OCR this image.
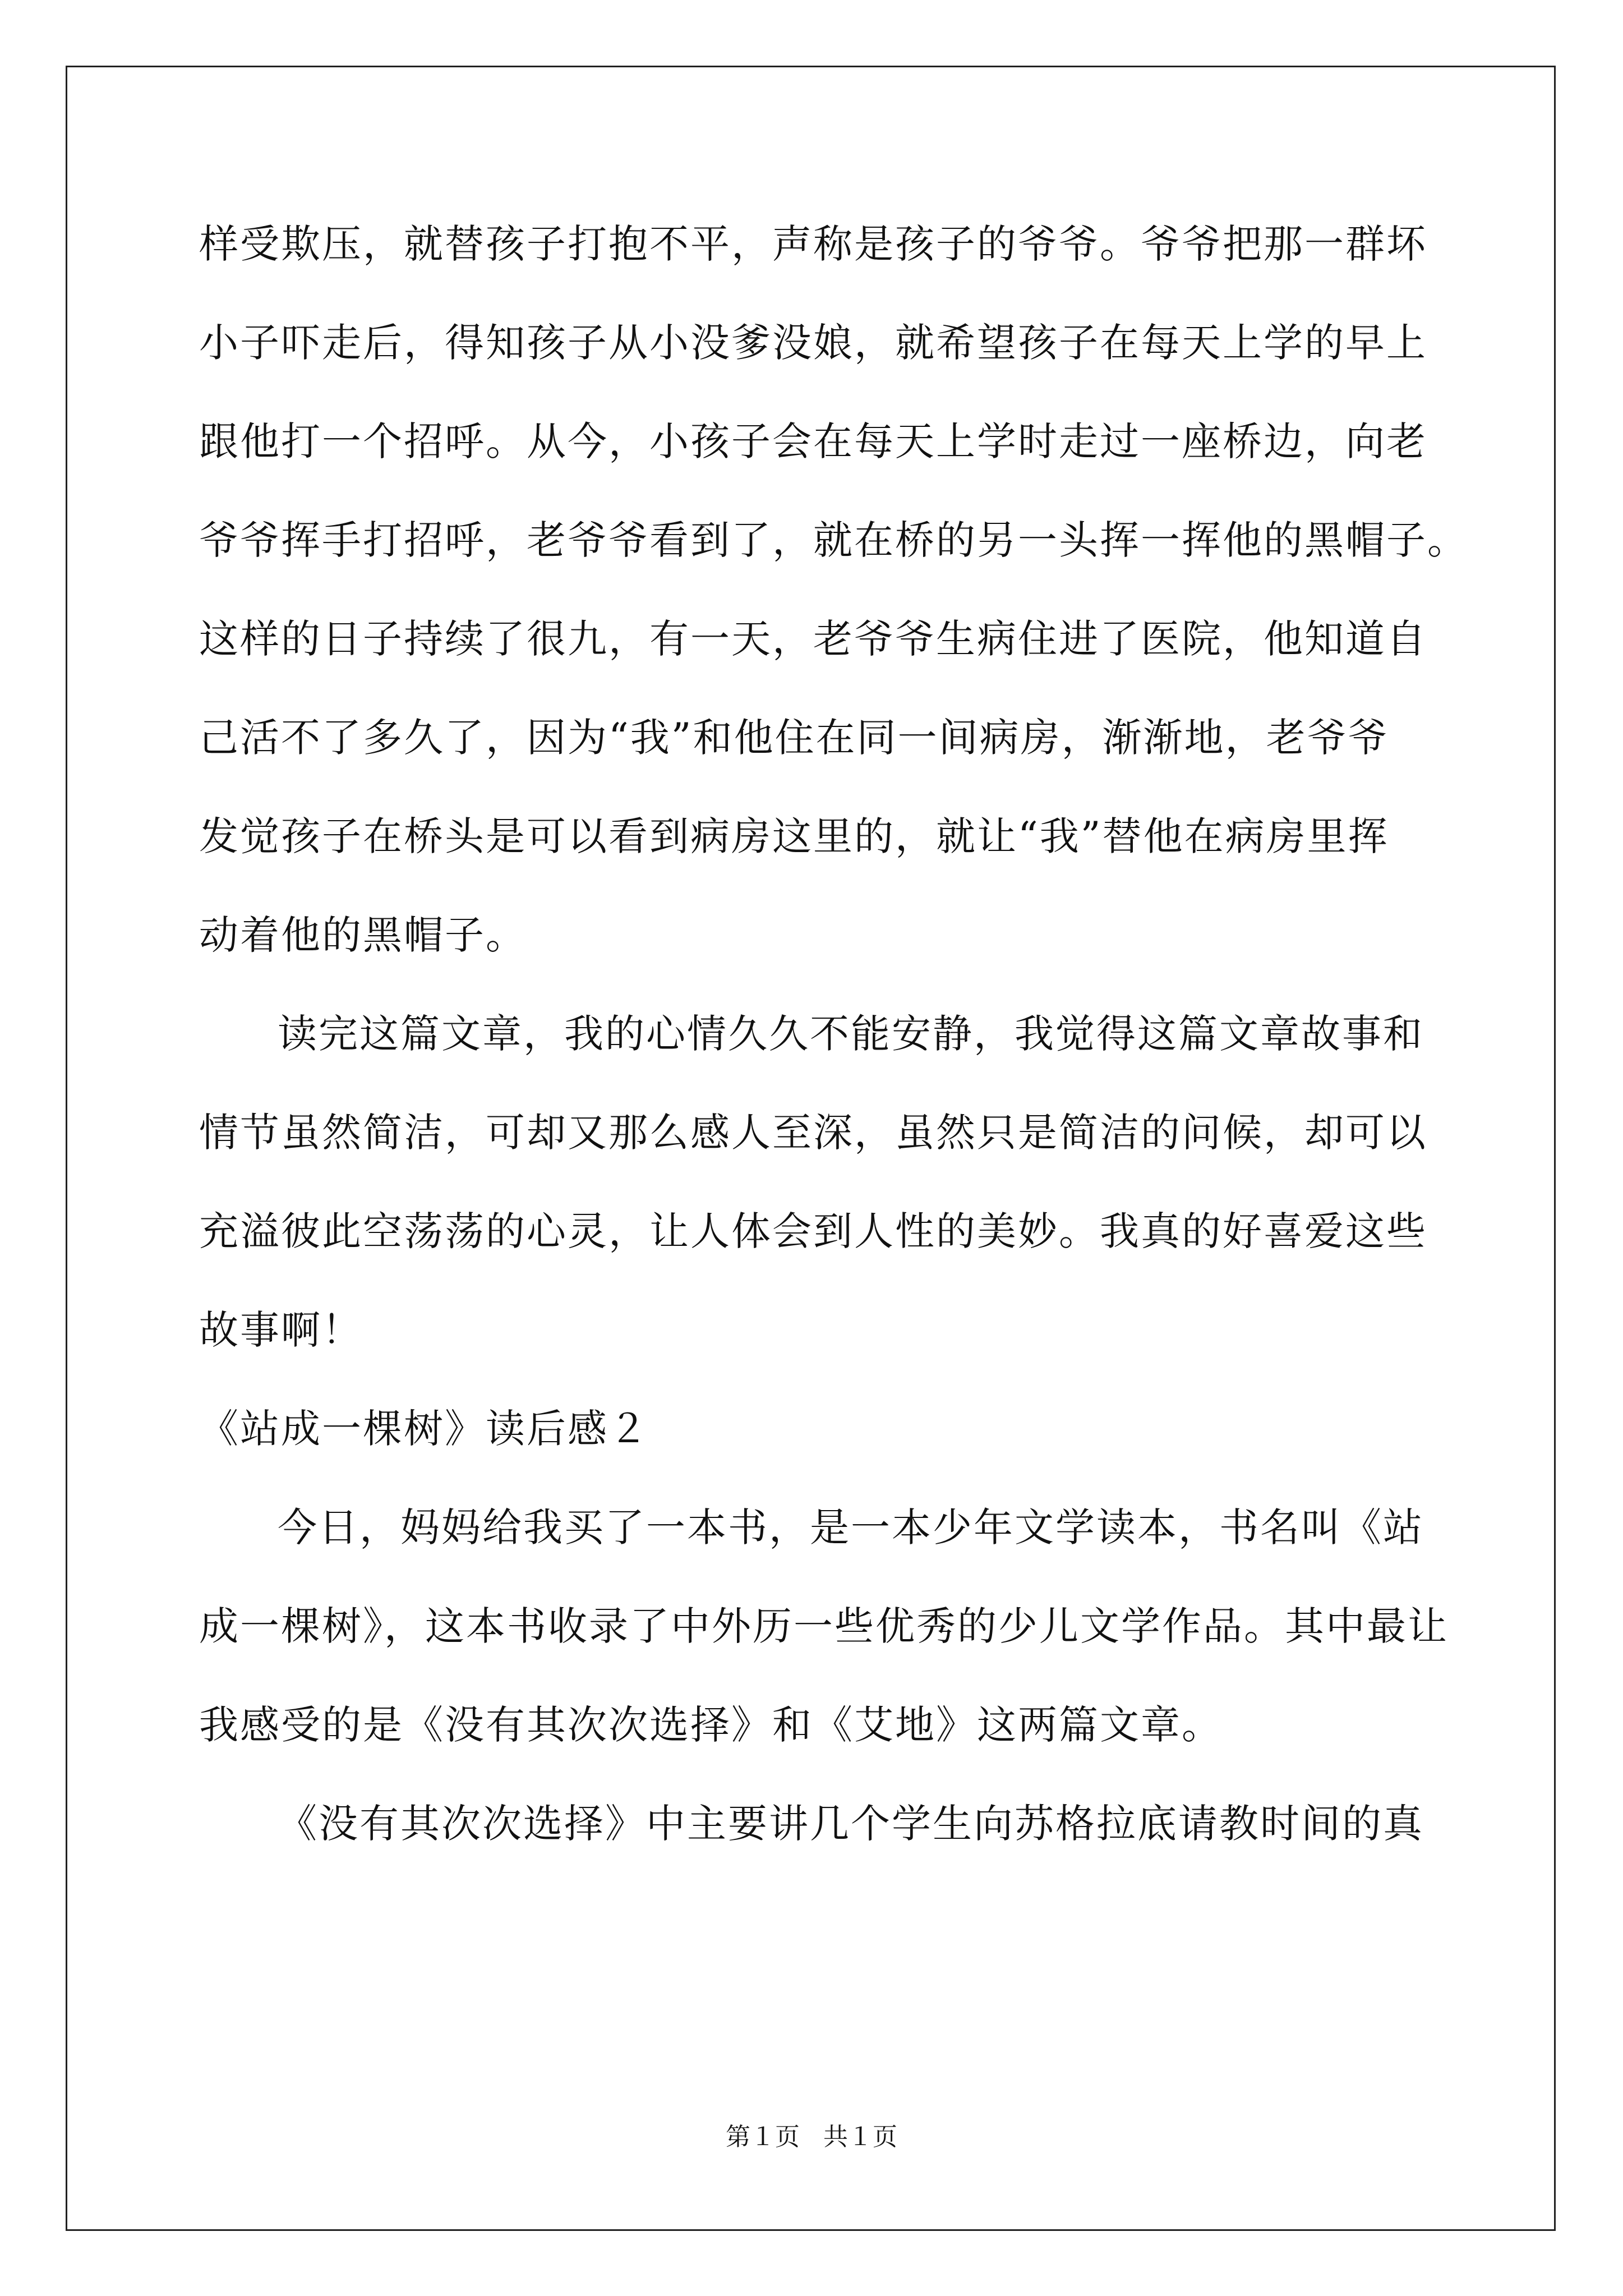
样受欺压，就替孩子打抱不平，声称是孩子的爷爷。爷爷把那一群坏
小子吓走后，得知孩子从小没爹没娘，就希望孩子在每天上学的早上
跟他打一个招呼。从今，小孩子会在每天上学时走过一座桥边，向老
爷爷挥手打招呼，老爷爷看到了，就在桥的另一头挥一挥他的黑帽子。
这样的日子持续了很九，有一天，老爷爷生病住进了医院，他知道自
己活不了多久了，因为“我”和他住在同一间病房，渐渐地，老爷爷
发觉孩子在桥头是可以看到病房这里的，就让“我”替他在病房里挥
动着他的黑帽子。
读完这篇文章，我的心情久久不能安静，我觉得这篇文章故事和
情节虽然简洁，可却又那么感人至深，虽然只是简洁的问候，却可以
充溢彼此空荡荡的心灵，让人体会到人性的美妙。我真的好喜爱这些
故事啊！
《站成一棵树》读后感２
今日，妈妈给我买了一本书，是一本少年文学读本，书名叫《站
成一棵树》，这本书收录了中外历一些优秀的少儿文学作品。其中最让
我感受的是《没有其次次选择》和《艾地》这两篇文章。
《没有其次次选择》中主要讲几个学生向苏格拉底请教时间的真
第１页 共１页
